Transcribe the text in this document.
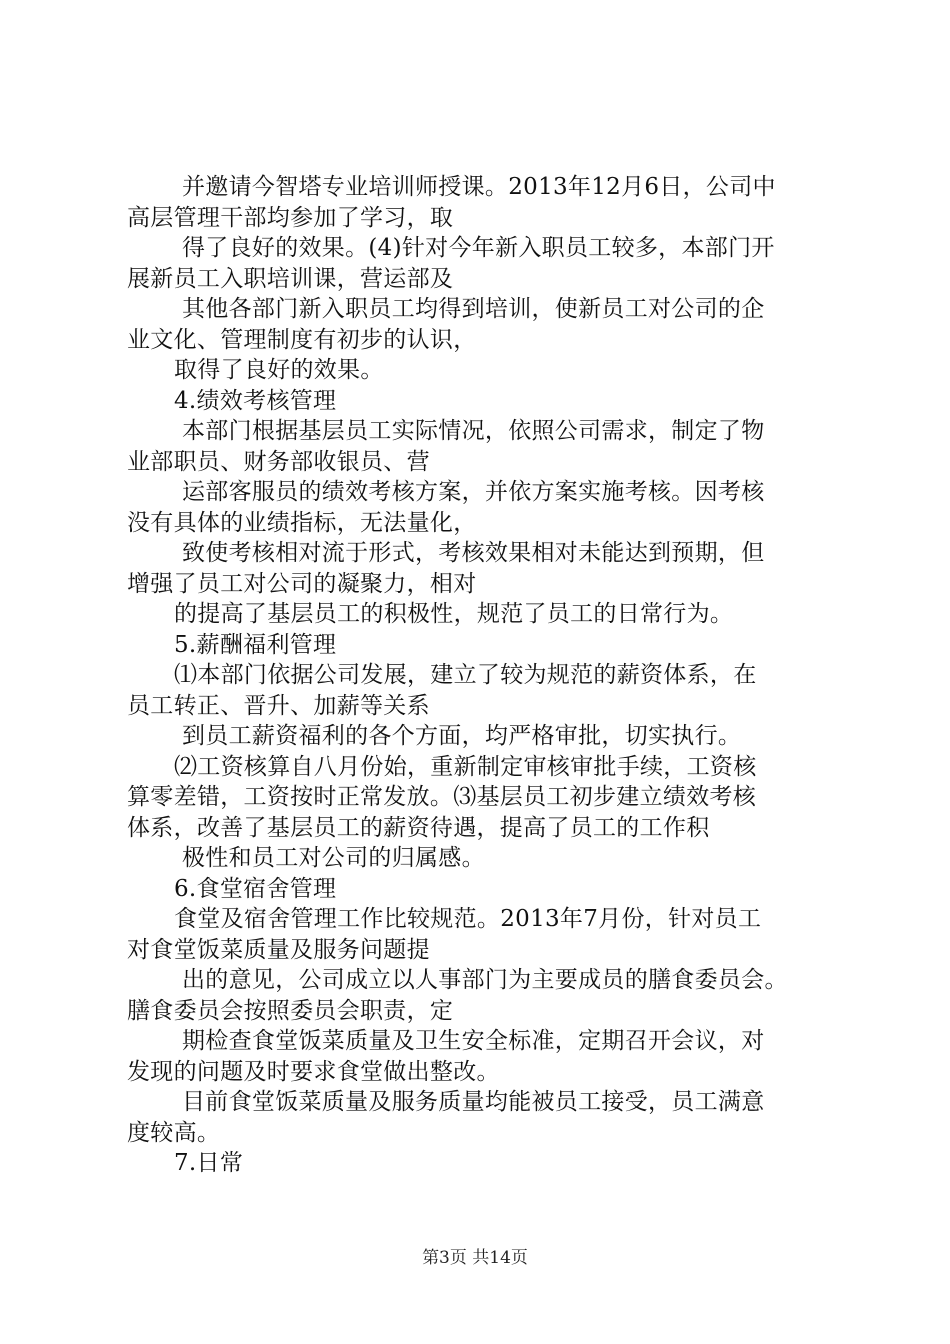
并邀请今智塔专业培训师授课。2013年12月6日，公司中
高层管理干部均参加了学习，取
得了良好的效果。(4)针对今年新入职员工较多，本部门开
展新员工入职培训课，营运部及
其他各部门新入职员工均得到培训，使新员工对公司的企
业文化、管理制度有初步的认识，
取得了良好的效果。
4.绩效考核管理
本部门根据基层员工实际情况，依照公司需求，制定了物
业部职员、财务部收银员、营
运部客服员的绩效考核方案，并依方案实施考核。因考核
没有具体的业绩指标，无法量化，
致使考核相对流于形式，考核效果相对未能达到预期，但
增强了员工对公司的凝聚力，相对
的提高了基层员工的积极性，规范了员工的日常行为。
5.薪酬福利管理
⑴本部门依据公司发展，建立了较为规范的薪资体系，在
员工转正、晋升、加薪等关系
到员工薪资福利的各个方面，均严格审批，切实执行。
⑵工资核算自八月份始，重新制定审核审批手续，工资核
算零差错，工资按时正常发放。⑶基层员工初步建立绩效考核
体系，改善了基层员工的薪资待遇，提高了员工的工作积
极性和员工对公司的归属感。
6.食堂宿舍管理
食堂及宿舍管理工作比较规范。2013年7月份，针对员工
对食堂饭菜质量及服务问题提
出的意见，公司成立以人事部门为主要成员的膳食委员会。
膳食委员会按照委员会职责，定
期检查食堂饭菜质量及卫生安全标准，定期召开会议，对
发现的问题及时要求食堂做出整改。
目前食堂饭菜质量及服务质量均能被员工接受，员工满意
度较高。
7.日常
第3页 共14页
